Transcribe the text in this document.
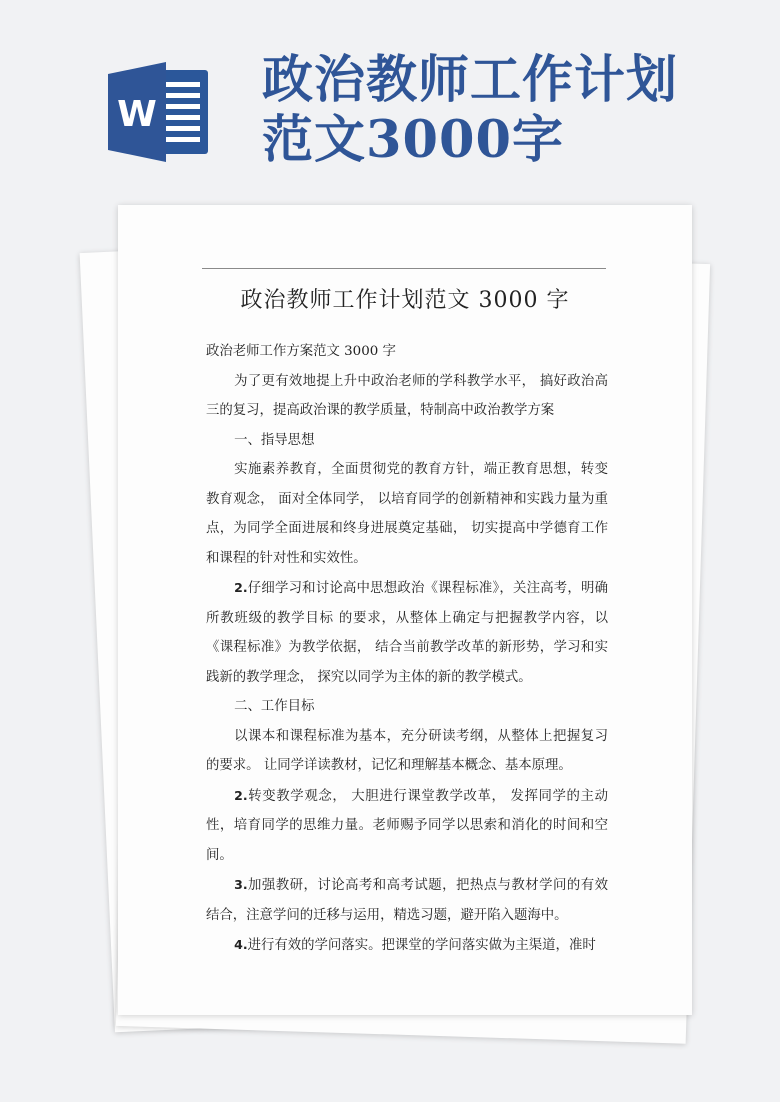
W
政治教师工作计划
范文3000字
政治教师工作计划范文 3000 字

政治老师工作方案范文 3000 字

为了更有效地提上升中政治老师的学科教学水平， 搞好政治高三的复习，提高政治课的教学质量，特制高中政治教学方案

一、指导思想

实施素养教育，全面贯彻党的教育方针，端正教育思想，转变教育观念， 面对全体同学， 以培育同学的创新精神和实践力量为重点，为同学全面进展和终身进展奠定基础， 切实提高中学德育工作和课程的针对性和实效性。

2.仔细学习和讨论高中思想政治《课程标准》，关注高考，明确所教班级的教学目标 的要求，从整体上确定与把握教学内容，以《课程标准》为教学依据， 结合当前教学改革的新形势，学习和实践新的教学理念， 探究以同学为主体的新的教学模式。

二、工作目标

以课本和课程标准为基本，充分研读考纲，从整体上把握复习的要求。 让同学详读教材，记忆和理解基本概念、基本原理。

2.转变教学观念， 大胆进行课堂教学改革， 发挥同学的主动性，培育同学的思维力量。老师赐予同学以思索和消化的时间和空间。

3.加强教研，讨论高考和高考试题，把热点与教材学问的有效结合，注意学问的迁移与运用，精选习题，避开陷入题海中。

4.进行有效的学问落实。把课堂的学问落实做为主渠道，准时
